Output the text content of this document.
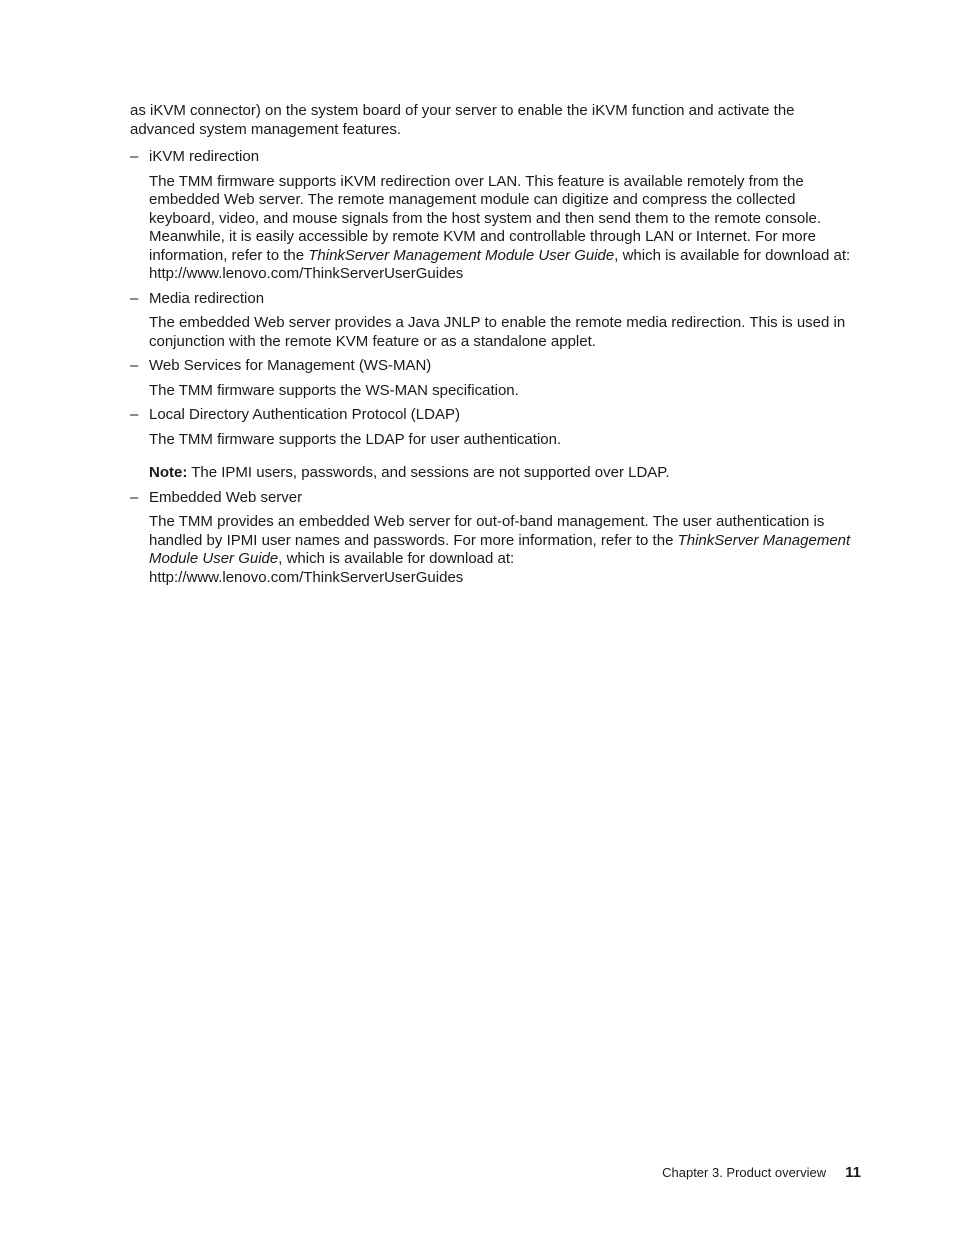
as iKVM connector) on the system board of your server to enable the iKVM function and activate the advanced system management features.

– iKVM redirection

The TMM firmware supports iKVM redirection over LAN. This feature is available remotely from the embedded Web server. The remote management module can digitize and compress the collected keyboard, video, and mouse signals from the host system and then send them to the remote console. Meanwhile, it is easily accessible by remote KVM and controllable through LAN or Internet. For more information, refer to the ThinkServer Management Module User Guide, which is available for download at:
http://www.lenovo.com/ThinkServerUserGuides

– Media redirection

The embedded Web server provides a Java JNLP to enable the remote media redirection. This is used in conjunction with the remote KVM feature or as a standalone applet.

– Web Services for Management (WS-MAN)

The TMM firmware supports the WS-MAN specification.

– Local Directory Authentication Protocol (LDAP)

The TMM firmware supports the LDAP for user authentication.

Note: The IPMI users, passwords, and sessions are not supported over LDAP.

– Embedded Web server

The TMM provides an embedded Web server for out-of-band management. The user authentication is handled by IPMI user names and passwords. For more information, refer to the ThinkServer Management Module User Guide, which is available for download at:
http://www.lenovo.com/ThinkServerUserGuides

Chapter 3. Product overview 11
